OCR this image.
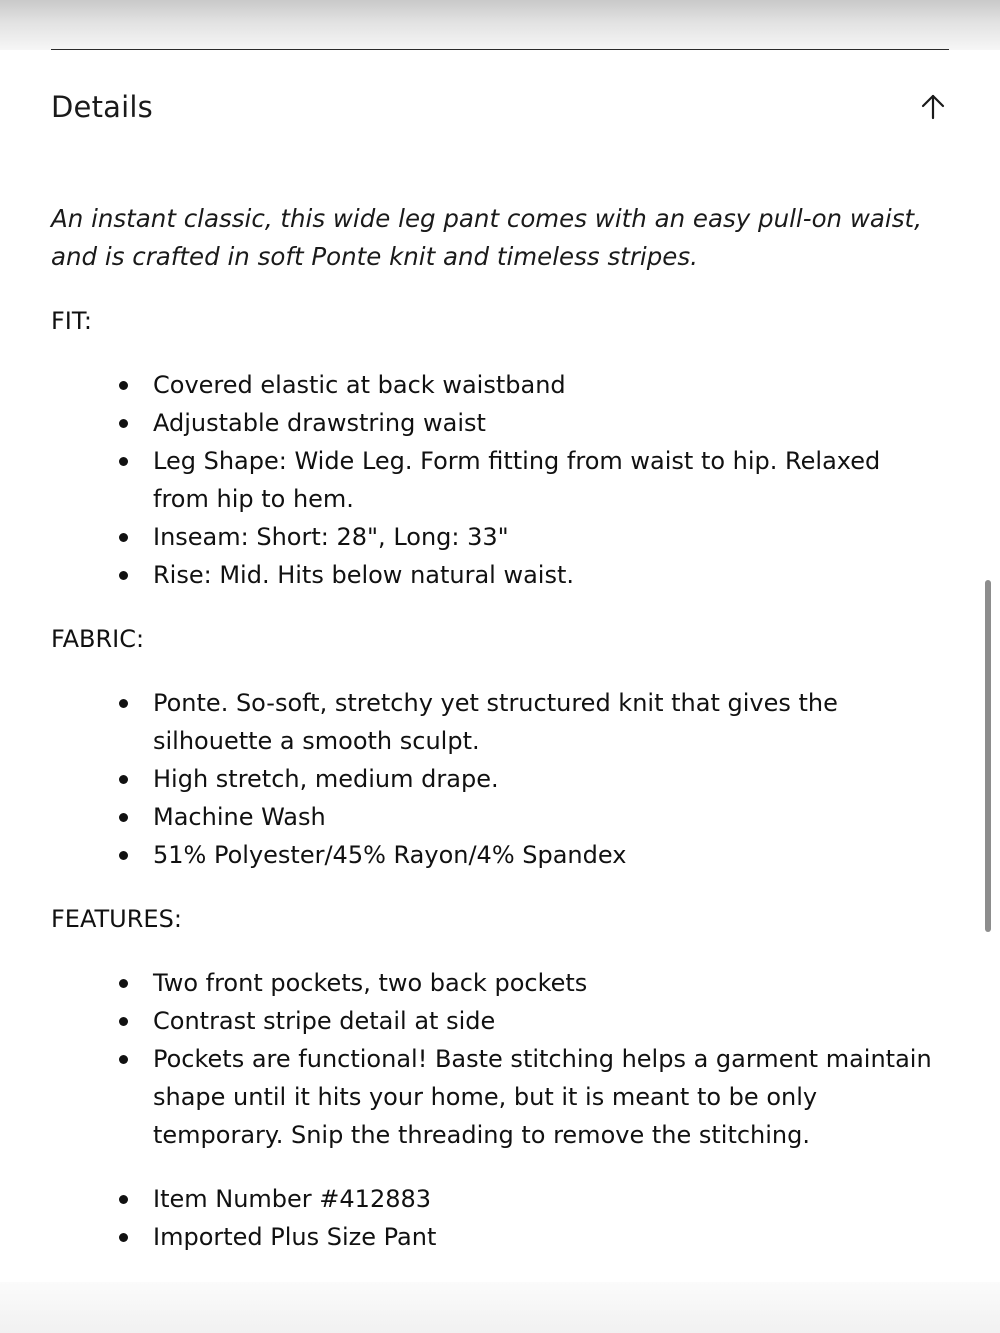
Details

An instant classic, this wide leg pant comes with an easy pull-on waist, and is crafted in soft Ponte knit and timeless stripes.

FIT:

Covered elastic at back waistband
Adjustable drawstring waist
Leg Shape: Wide Leg. Form fitting from waist to hip. Relaxed from hip to hem.
Inseam: Short: 28", Long: 33"
Rise: Mid. Hits below natural waist.

FABRIC:

Ponte. So-soft, stretchy yet structured knit that gives the silhouette a smooth sculpt.
High stretch, medium drape.
Machine Wash
51% Polyester/45% Rayon/4% Spandex

FEATURES:

Two front pockets, two back pockets
Contrast stripe detail at side
Pockets are functional! Baste stitching helps a garment maintain shape until it hits your home, but it is meant to be only temporary. Snip the threading to remove the stitching.
Item Number #412883
Imported Plus Size Pant
